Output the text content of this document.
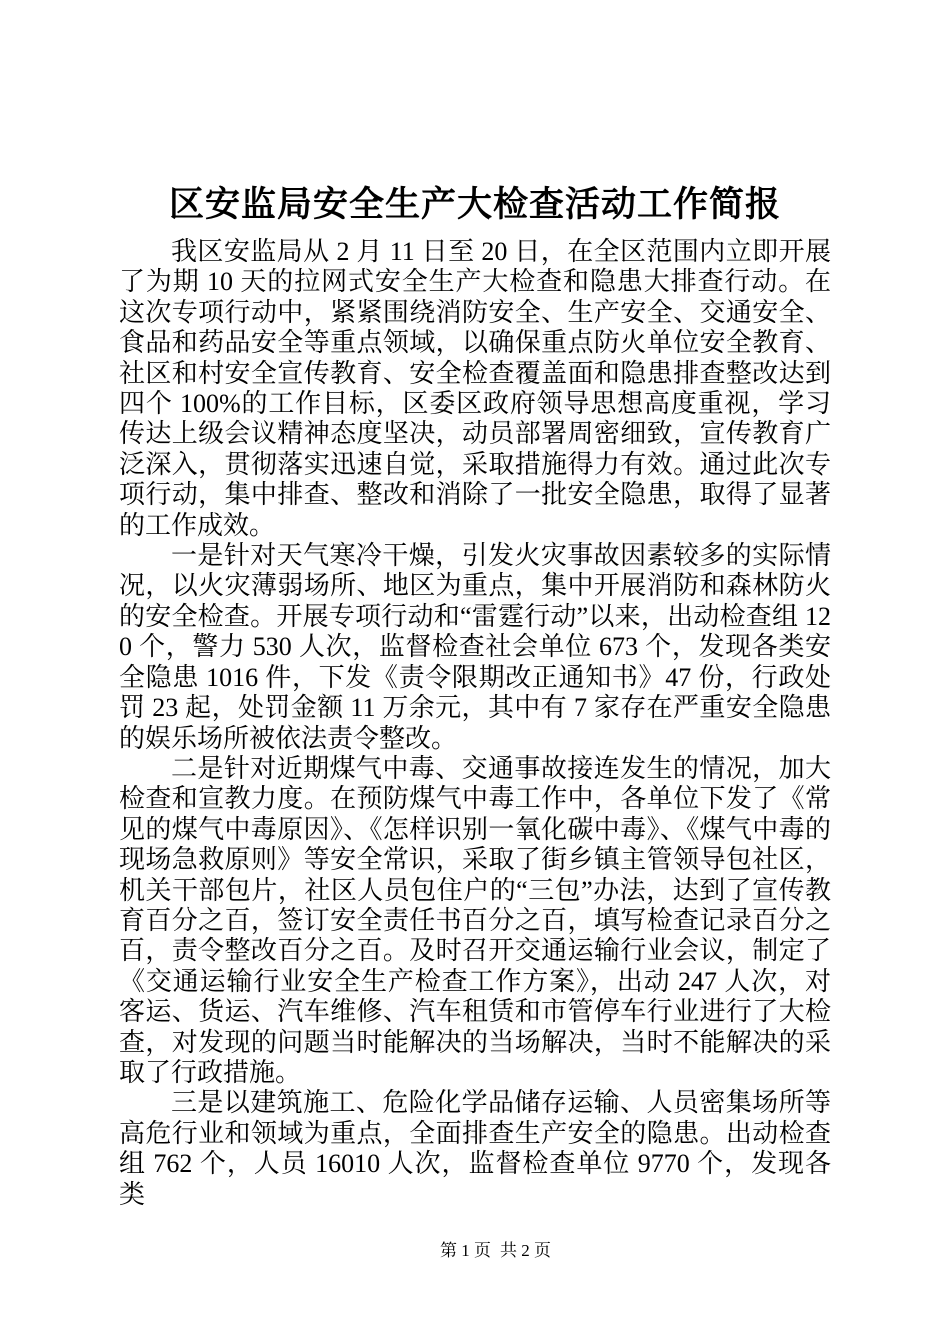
区安监局安全生产大检查活动工作简报

我区安监局从 2 月 11 日至 20 日，在全区范围内立即开展了为期 10 天的拉网式安全生产大检查和隐患大排查行动。在这次专项行动中，紧紧围绕消防安全、生产安全、交通安全、食品和药品安全等重点领域，以确保重点防火单位安全教育、社区和村安全宣传教育、安全检查覆盖面和隐患排查整改达到四个 100%的工作目标，区委区政府领导思想高度重视，学习传达上级会议精神态度坚决，动员部署周密细致，宣传教育广泛深入，贯彻落实迅速自觉，采取措施得力有效。通过此次专项行动，集中排查、整改和消除了一批安全隐患，取得了显著的工作成效。

一是针对天气寒冷干燥，引发火灾事故因素较多的实际情况，以火灾薄弱场所、地区为重点，集中开展消防和森林防火的安全检查。开展专项行动和“雷霆行动”以来，出动检查组 120 个，警力 530 人次，监督检查社会单位 673 个，发现各类安全隐患 1016 件，下发《责令限期改正通知书》47 份，行政处罚 23 起，处罚金额 11 万余元，其中有 7 家存在严重安全隐患的娱乐场所被依法责令整改。

二是针对近期煤气中毒、交通事故接连发生的情况，加大检查和宣教力度。在预防煤气中毒工作中，各单位下发了《常见的煤气中毒原因》、《怎样识别一氧化碳中毒》、《煤气中毒的现场急救原则》等安全常识，采取了街乡镇主管领导包社区，机关干部包片，社区人员包住户的“三包”办法，达到了宣传教育百分之百，签订安全责任书百分之百，填写检查记录百分之百，责令整改百分之百。及时召开交通运输行业会议，制定了《交通运输行业安全生产检查工作方案》，出动 247 人次，对客运、货运、汽车维修、汽车租赁和市管停车行业进行了大检查，对发现的问题当时能解决的当场解决，当时不能解决的采取了行政措施。

三是以建筑施工、危险化学品储存运输、人员密集场所等高危行业和领域为重点，全面排查生产安全的隐患。出动检查组 762 个，人员 16010 人次，监督检查单位 9770 个，发现各类

第 1 页 共 2 页
